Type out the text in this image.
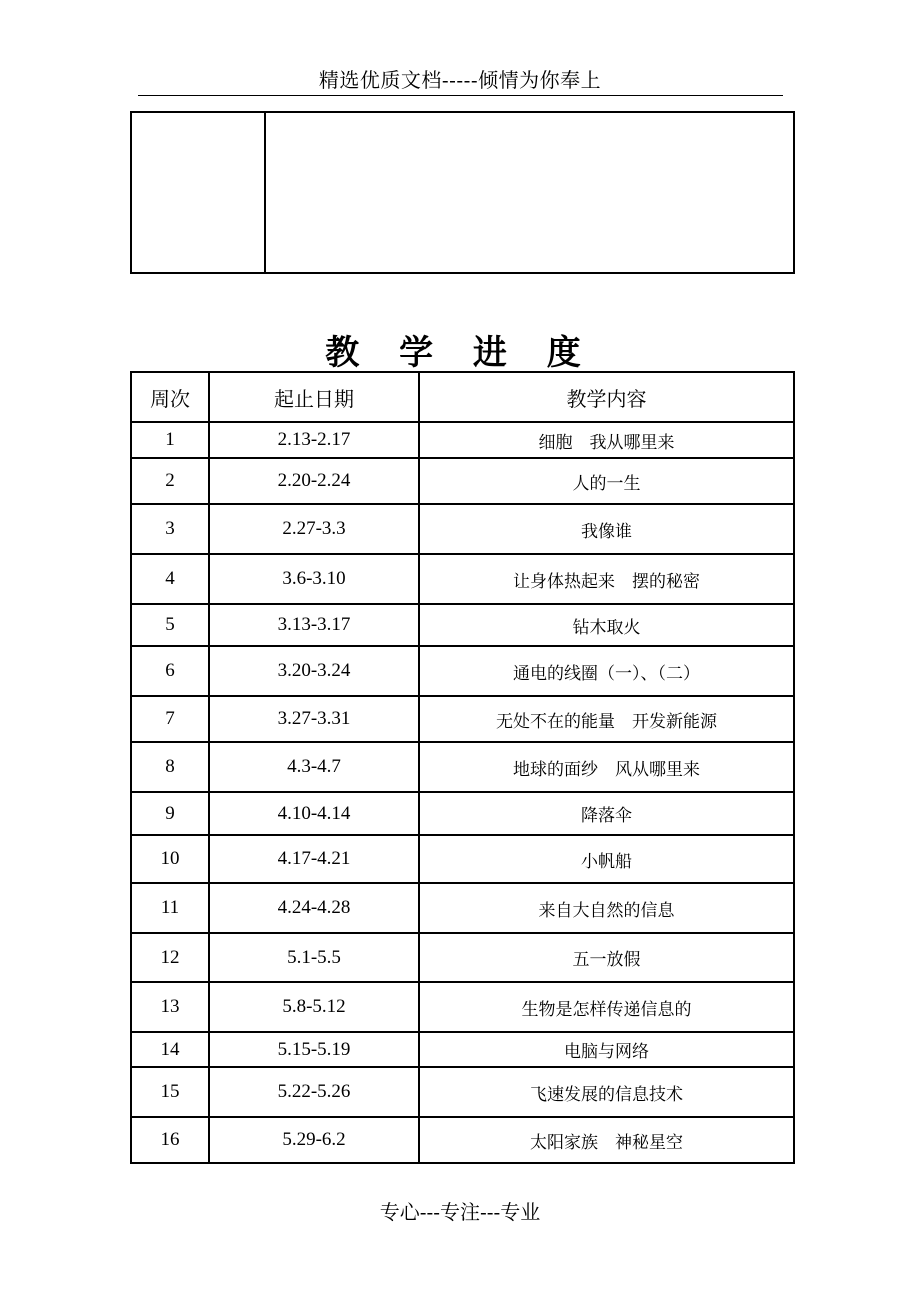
精选优质文档-----倾情为你奉上
教 学 进 度
周次	起止日期	教学内容
1	2.13-2.17	细胞　我从哪里来
2	2.20-2.24	人的一生
3	2.27-3.3	我像谁
4	3.6-3.10	让身体热起来　摆的秘密
5	3.13-3.17	钻木取火
6	3.20-3.24	通电的线圈（一）、（二）
7	3.27-3.31	无处不在的能量　开发新能源
8	4.3-4.7	地球的面纱　风从哪里来
9	4.10-4.14	降落伞
10	4.17-4.21	小帆船
11	4.24-4.28	来自大自然的信息
12	5.1-5.5	五一放假
13	5.8-5.12	生物是怎样传递信息的
14	5.15-5.19	电脑与网络
15	5.22-5.26	飞速发展的信息技术
16	5.29-6.2	太阳家族　神秘星空
专心---专注---专业
